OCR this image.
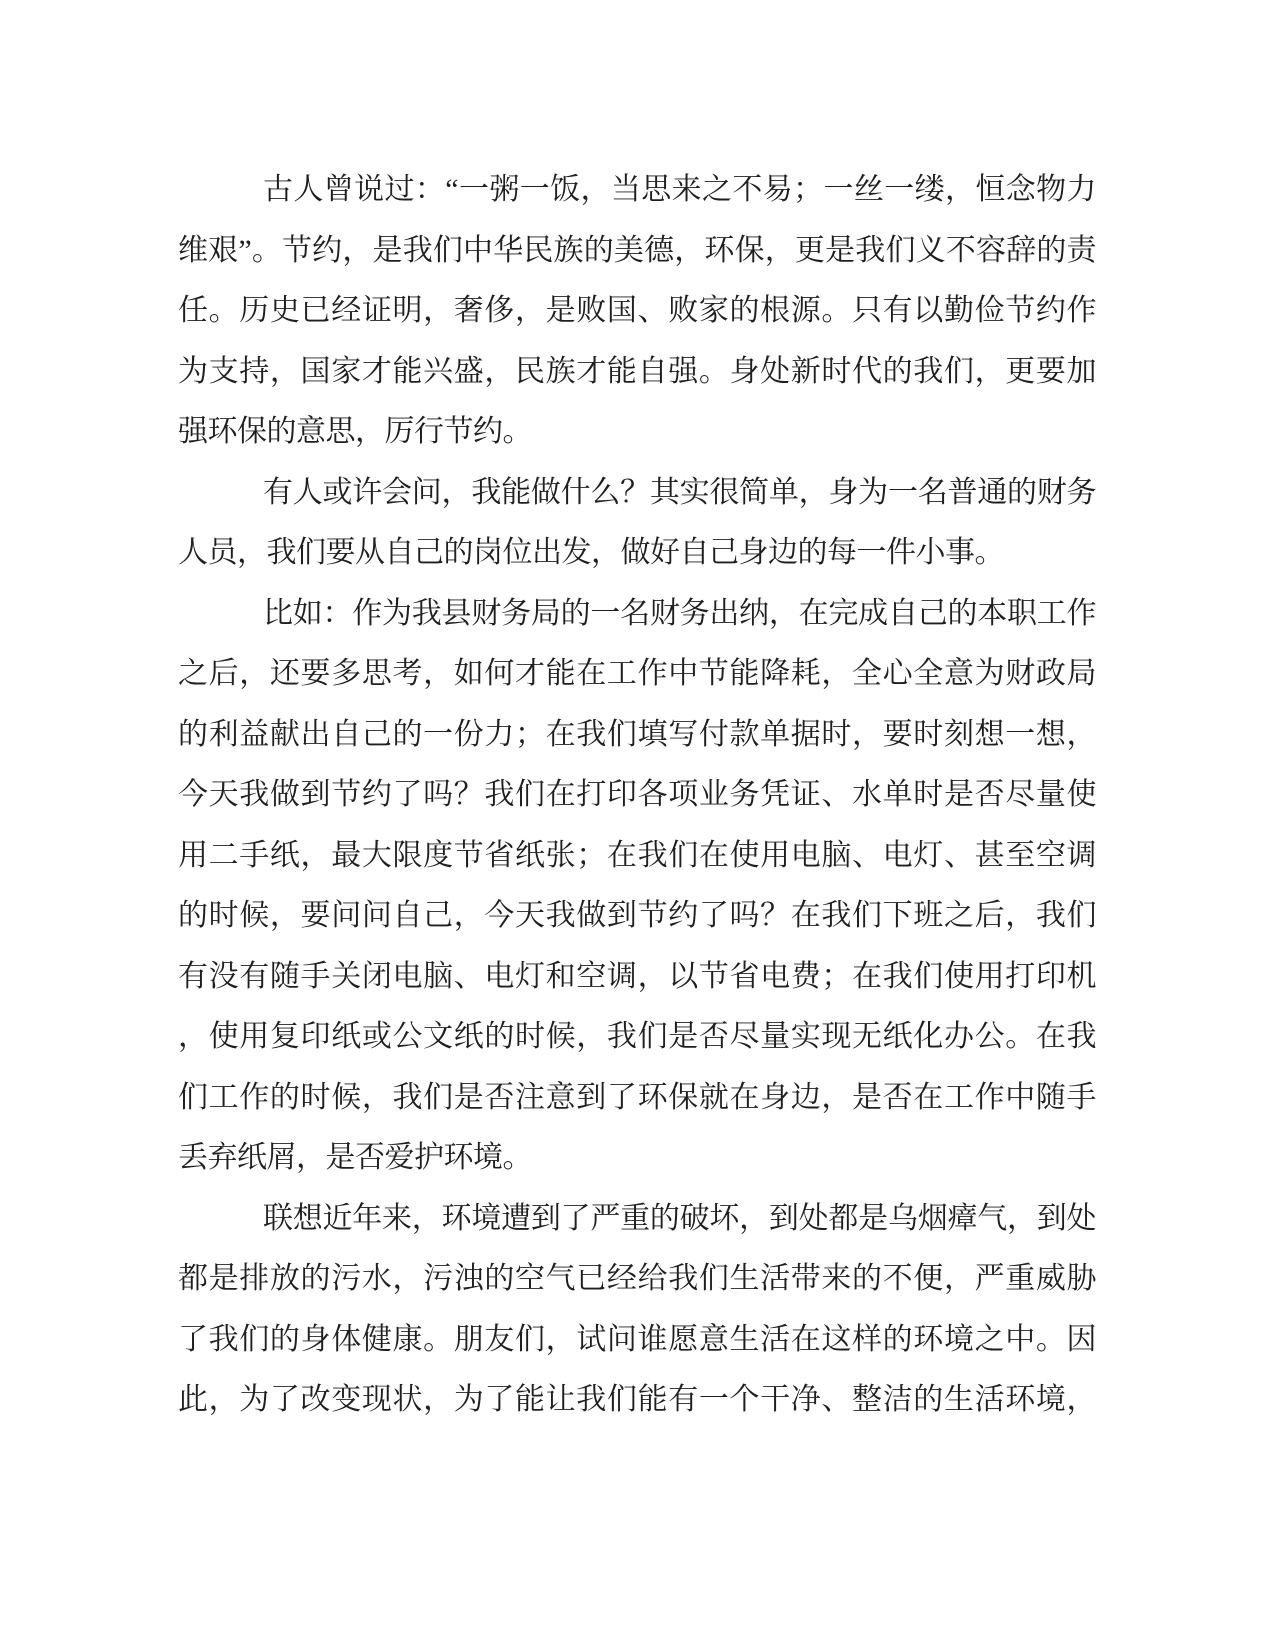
古人曾说过：“一粥一饭，当思来之不易；一丝一缕，恒念物力
维艰”。节约，是我们中华民族的美德，环保，更是我们义不容辞的责
任。历史已经证明，奢侈，是败国、败家的根源。只有以勤俭节约作
为支持，国家才能兴盛，民族才能自强。身处新时代的我们，更要加
强环保的意思，厉行节约。
有人或许会问，我能做什么？其实很简单，身为一名普通的财务
人员，我们要从自己的岗位出发，做好自己身边的每一件小事。
比如：作为我县财务局的一名财务出纳，在完成自己的本职工作
之后，还要多思考，如何才能在工作中节能降耗，全心全意为财政局
的利益献出自己的一份力；在我们填写付款单据时，要时刻想一想，
今天我做到节约了吗？我们在打印各项业务凭证、水单时是否尽量使
用二手纸，最大限度节省纸张；在我们在使用电脑、电灯、甚至空调
的时候，要问问自己，今天我做到节约了吗？在我们下班之后，我们
有没有随手关闭电脑、电灯和空调，以节省电费；在我们使用打印机
，使用复印纸或公文纸的时候，我们是否尽量实现无纸化办公。在我
们工作的时候，我们是否注意到了环保就在身边，是否在工作中随手
丢弃纸屑，是否爱护环境。
联想近年来，环境遭到了严重的破坏，到处都是乌烟瘴气，到处
都是排放的污水，污浊的空气已经给我们生活带来的不便，严重威胁
了我们的身体健康。朋友们，试问谁愿意生活在这样的环境之中。因
此，为了改变现状，为了能让我们能有一个干净、整洁的生活环境，
